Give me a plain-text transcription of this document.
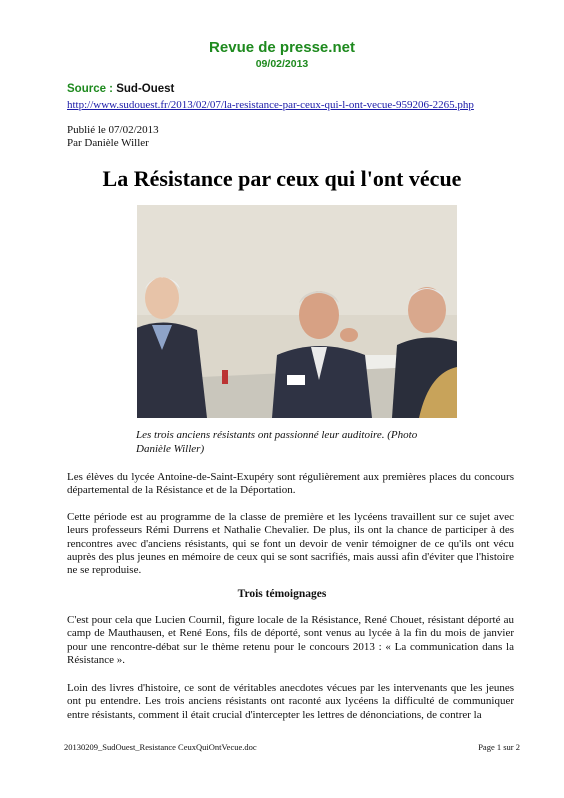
Revue de presse.net
09/02/2013
Source : Sud-Ouest
http://www.sudouest.fr/2013/02/07/la-resistance-par-ceux-qui-l-ont-vecue-959206-2265.php
Publié le 07/02/2013
Par Danièle Willer
La Résistance par ceux qui l'ont vécue
Les trois anciens résistants ont passionné leur auditoire. (Photo Danièle Willer)
Les élèves du lycée Antoine-de-Saint-Exupéry sont régulièrement aux premières places du concours départemental de la Résistance et de la Déportation.
Cette période est au programme de la classe de première et les lycéens travaillent sur ce sujet avec leurs professeurs Rémi Durrens et Nathalie Chevalier. De plus, ils ont la chance de participer à des rencontres avec d'anciens résistants, qui se font un devoir de venir témoigner de ce qu'ils ont vécu auprès des plus jeunes en mémoire de ceux qui se sont sacrifiés, mais aussi afin d'éviter que l'histoire ne se reproduise.
Trois témoignages
C'est pour cela que Lucien Cournil, figure locale de la Résistance, René Chouet, résistant déporté au camp de Mauthausen, et René Eons, fils de déporté, sont venus au lycée à la fin du mois de janvier pour une rencontre-débat sur le thème retenu pour le concours 2013 : « La communication dans la Résistance ».
Loin des livres d'histoire, ce sont de véritables anecdotes vécues par les intervenants que les jeunes ont pu entendre. Les trois anciens résistants ont raconté aux lycéens la difficulté de communiquer entre résistants, comment il était crucial d'intercepter les lettres de dénonciations, de contrer la
20130209_SudOuest_Resistance CeuxQuiOntVecue.doc	Page 1 sur 2
